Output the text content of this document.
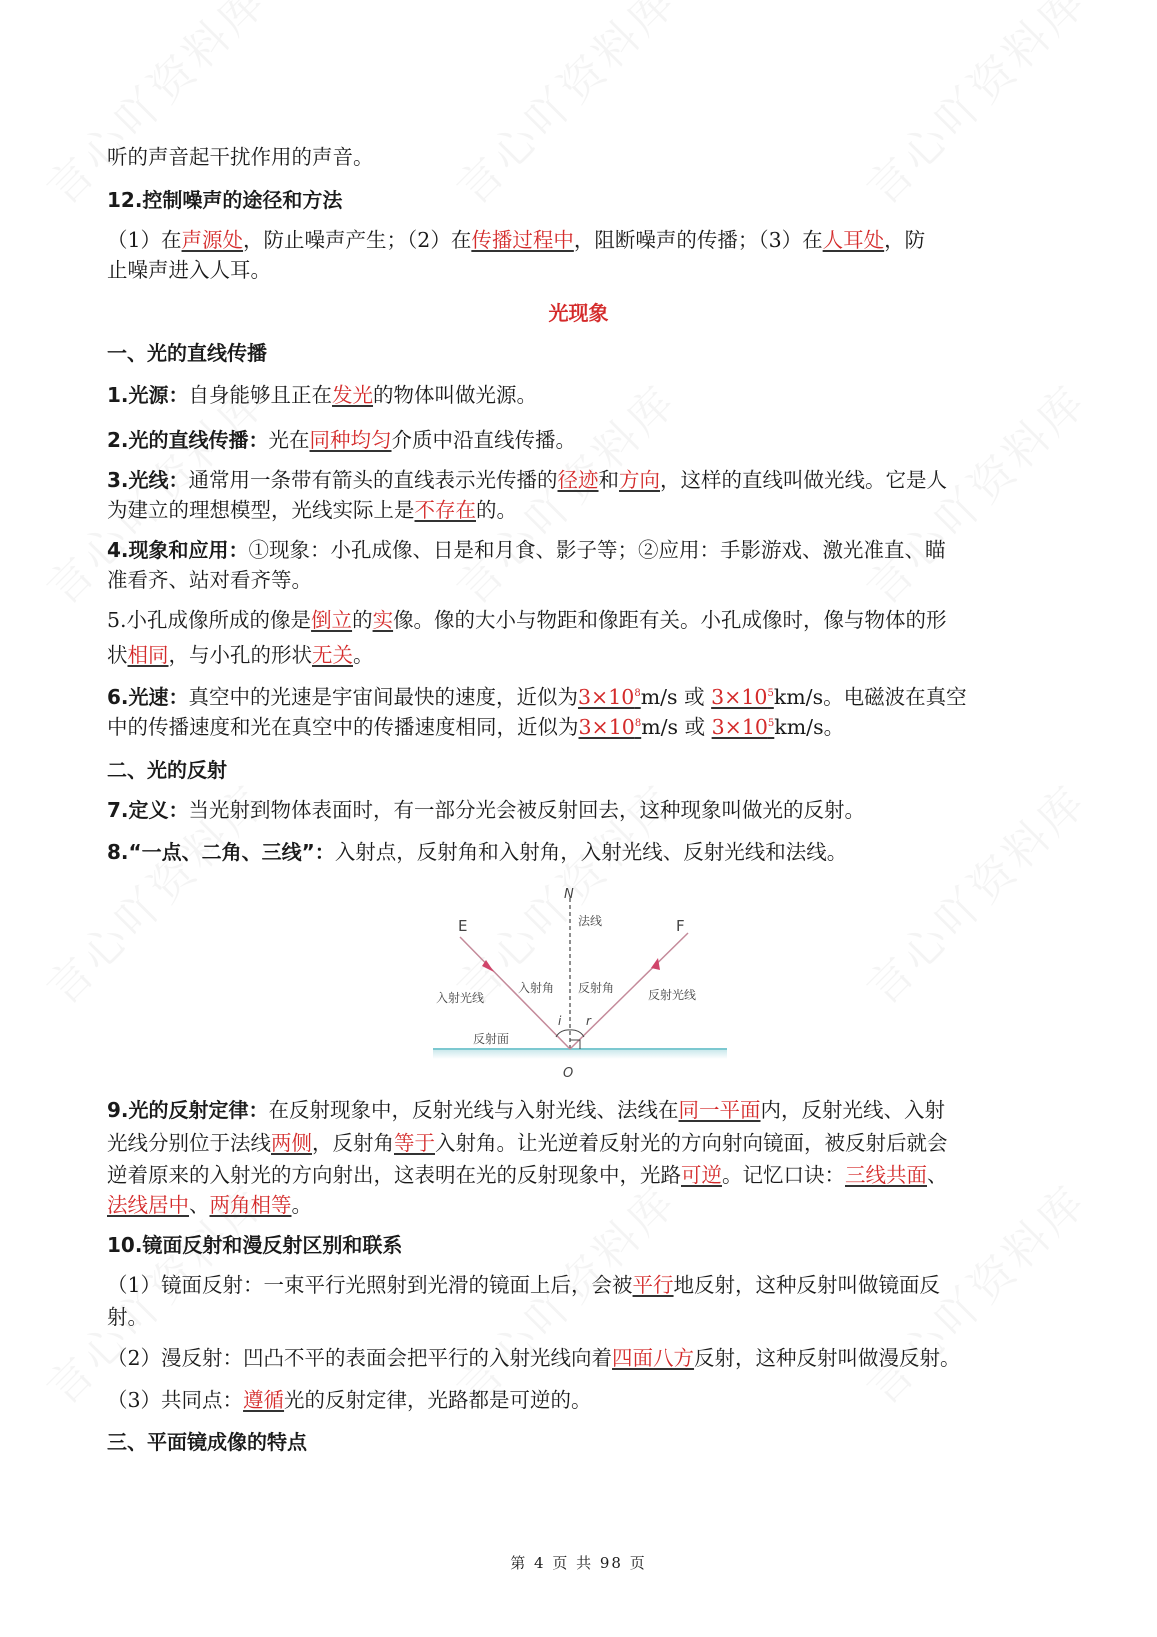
听的声音起干扰作用的声音。
12.控制噪声的途径和方法
（1）在声源处，防止噪声产生；（2）在传播过程中，阻断噪声的传播；（3）在人耳处，防
止噪声进入人耳。
光现象
一、光的直线传播
1.光源：自身能够且正在发光的物体叫做光源。
2.光的直线传播：光在同种均匀介质中沿直线传播。
3.光线：通常用一条带有箭头的直线表示光传播的径迹和方向，这样的直线叫做光线。它是人
为建立的理想模型，光线实际上是不存在的。
4.现象和应用：①现象：小孔成像、日是和月食、影子等；②应用：手影游戏、激光准直、瞄
准看齐、站对看齐等。
5.小孔成像所成的像是倒立的实像。像的大小与物距和像距有关。小孔成像时，像与物体的形
状相同，与小孔的形状无关。
6.光速：真空中的光速是宇宙间最快的速度，近似为$3\times 10^8m/s$ 或 $3\times 10^5km/s$。电磁波在真空
中的传播速度和光在真空中的传播速度相同，近似为$3\times 10^8m/s$ 或 $3\times 10^5km/s$。
二、光的反射
7.定义：当光射到物体表面时，有一部分光会被反射回去，这种现象叫做光的反射。
8.“一点、二角、三线”：入射点，反射角和入射角，入射光线、反射光线和法线。
N
E	F
法线
入射光线
入射角 反射角	反射光线
反射面
i r
O
9.光的反射定律：在反射现象中，反射光线与入射光线、法线在同一平面内，反射光线、入射
光线分别位于法线两侧，反射角等于入射角。让光逆着反射光的方向射向镜面，被反射后就会
逆着原来的入射光的方向射出，这表明在光的反射现象中，光路可逆。记忆口诀：三线共面、
法线居中、两角相等。
10.镜面反射和漫反射区别和联系
（1）镜面反射：一束平行光照射到光滑的镜面上后，会被平行地反射，这种反射叫做镜面反
射。
（2）漫反射：凹凸不平的表面会把平行的入射光线向着四面八方反射，这种反射叫做漫反射。
（3）共同点：遵循光的反射定律，光路都是可逆的。
三、平面镜成像的特点
第 4 页 共 98 页
